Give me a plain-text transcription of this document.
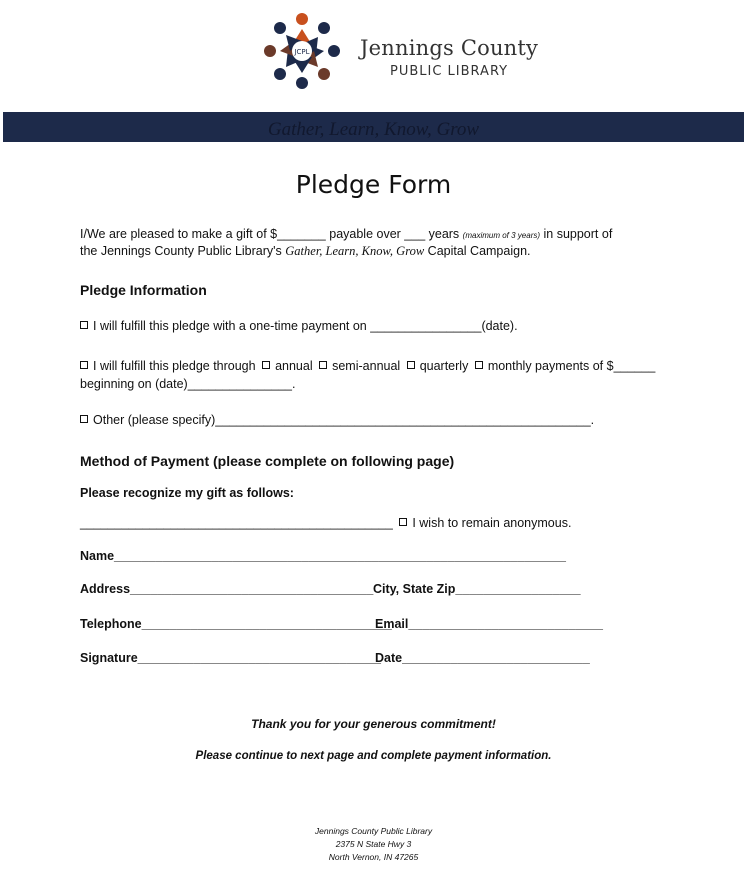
JCPL Jennings County
PUBLIC LIBRARY
Gather, Learn, Know, Grow
Pledge Form
I/We are pleased to make a gift of $_______ payable over ___ years (maximum of 3 years) in support of
the Jennings County Public Library's Gather, Learn, Know, Grow Capital Campaign.
Pledge Information
I will fulfill this pledge with a one-time payment on ________________(date).
I will fulfill this pledge through annual semi-annual quarterly monthly payments of $______
beginning on (date)_______________.
Other (please specify)______________________________________________________.
Method of Payment (please complete on following page)
Please recognize my gift as follows:
_____________________________________________ I wish to remain anonymous.
Name_________________________________________________________________
Address___________________________________ City, State Zip__________________
Telephone____________________________________
Email____________________________
Signature___________________________________
Date___________________________
Thank you for your generous commitment!
Please continue to next page and complete payment information.
Jennings County Public Library
2375 N State Hwy 3
North Vernon, IN 47265
